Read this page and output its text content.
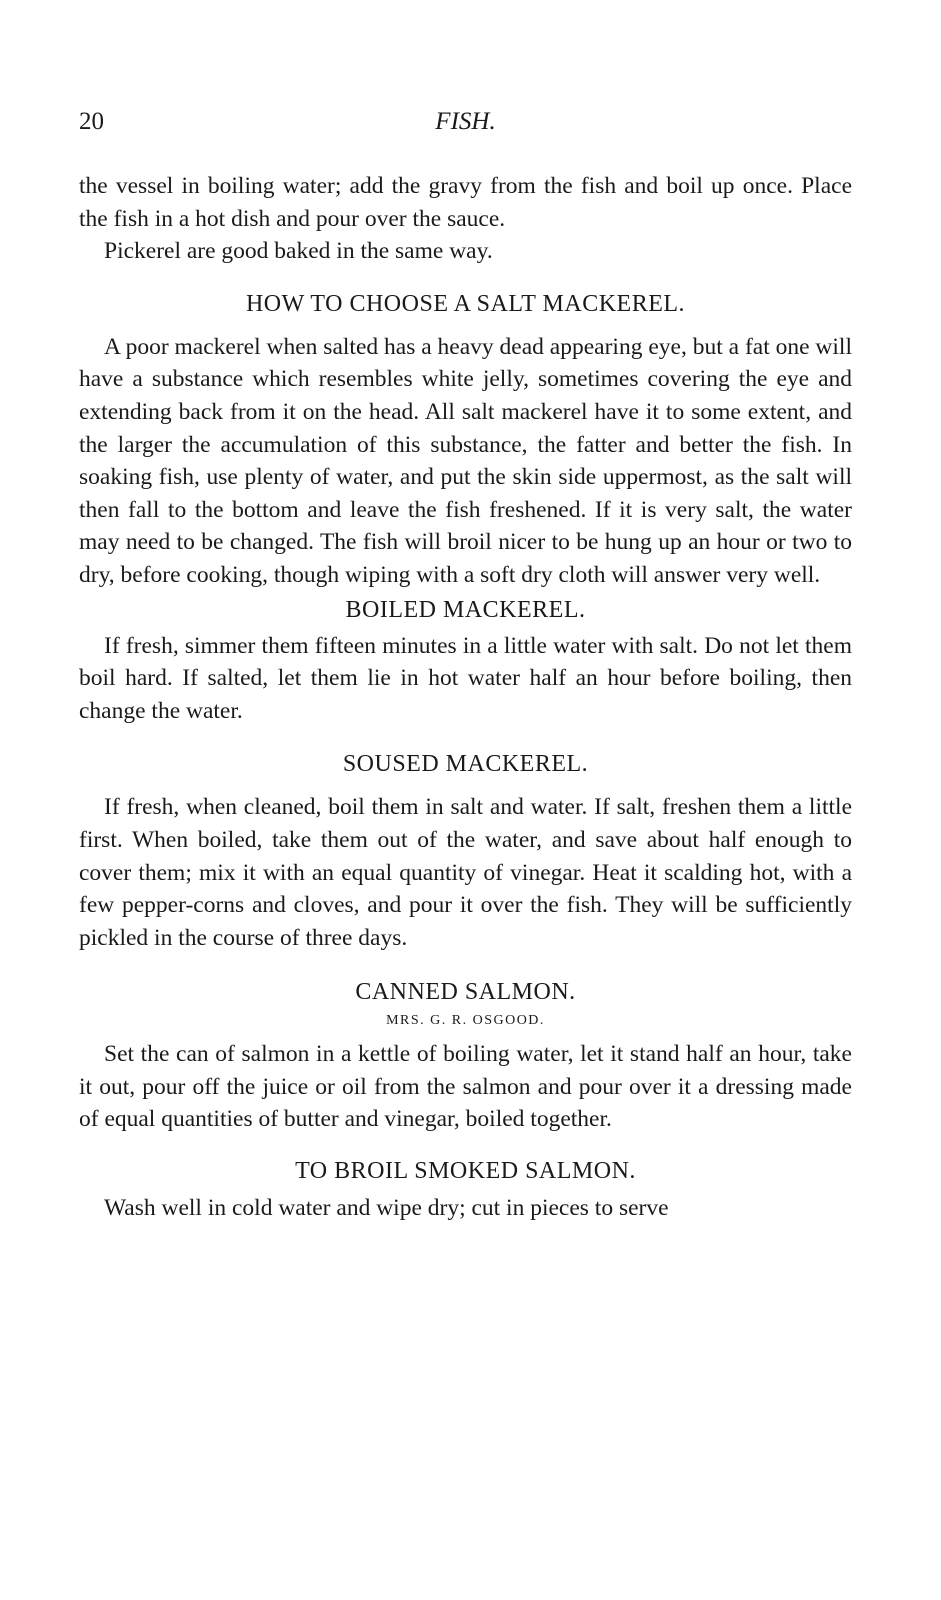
20	FISH.

the vessel in boiling water; add the gravy from the fish and boil up once. Place the fish in a hot dish and pour over the sauce.

Pickerel are good baked in the same way.

HOW TO CHOOSE A SALT MACKEREL.

A poor mackerel when salted has a heavy dead appearing eye, but a fat one will have a substance which resembles white jelly, sometimes covering the eye and extending back from it on the head. All salt mackerel have it to some extent, and the larger the accumulation of this substance, the fatter and better the fish. In soaking fish, use plenty of water, and put the skin side uppermost, as the salt will then fall to the bottom and leave the fish freshened. If it is very salt, the water may need to be changed. The fish will broil nicer to be hung up an hour or two to dry, before cooking, though wiping with a soft dry cloth will answer very well.

BOILED MACKEREL.

If fresh, simmer them fifteen minutes in a little water with salt. Do not let them boil hard. If salted, let them lie in hot water half an hour before boiling, then change the water.

SOUSED MACKEREL.

If fresh, when cleaned, boil them in salt and water. If salt, freshen them a little first. When boiled, take them out of the water, and save about half enough to cover them; mix it with an equal quantity of vinegar. Heat it scalding hot, with a few pepper-corns and cloves, and pour it over the fish. They will be sufficiently pickled in the course of three days.

CANNED SALMON.
MRS. G. R. OSGOOD.

Set the can of salmon in a kettle of boiling water, let it stand half an hour, take it out, pour off the juice or oil from the salmon and pour over it a dressing made of equal quantities of butter and vinegar, boiled together.

TO BROIL SMOKED SALMON.

Wash well in cold water and wipe dry; cut in pieces to serve
